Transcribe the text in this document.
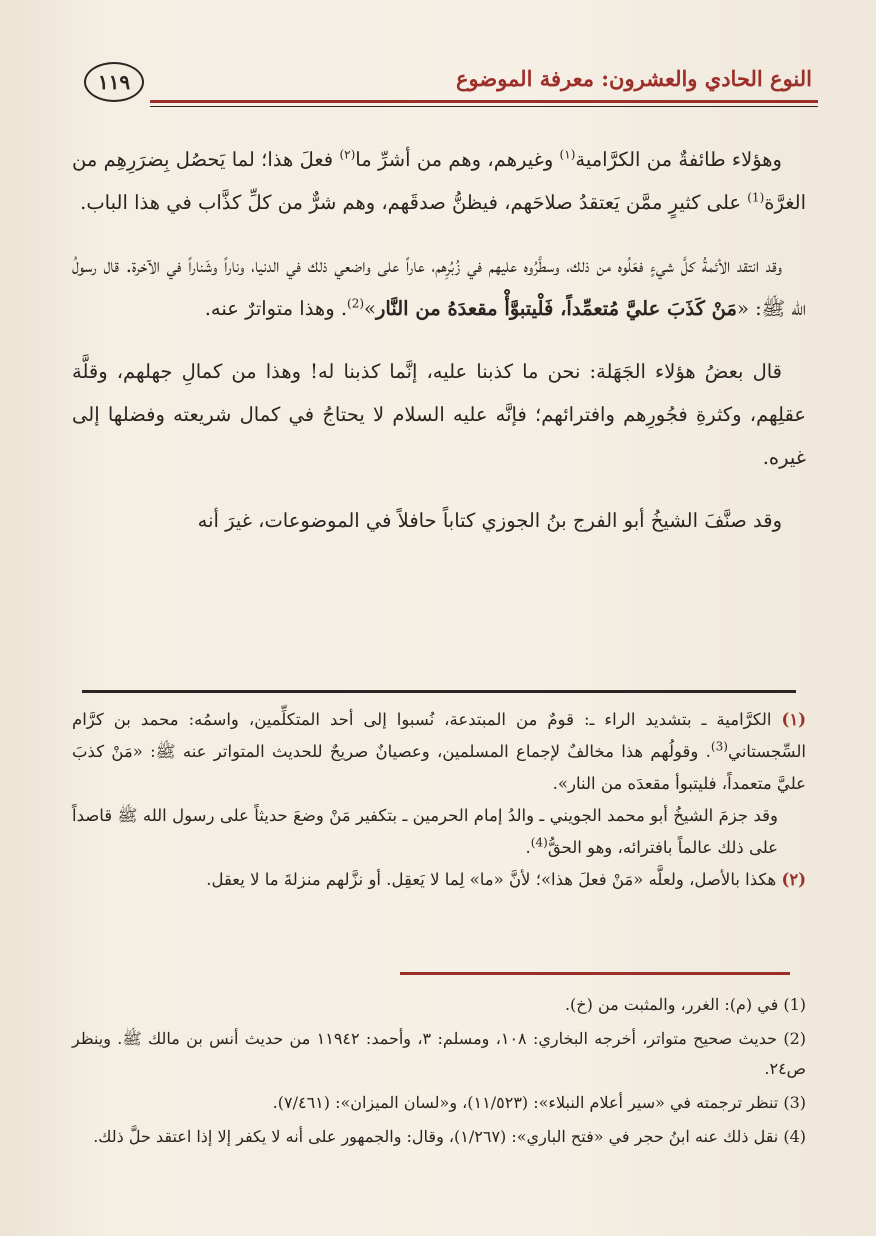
١١٩	النوع الحادي والعشرون: معرفة الموضوع

وهؤلاء طائفةٌ من الكرَّامية$^{(١)}$ وغيرهم، وهم من أشرِّ ما$^{(٢)}$ فعلَ هذا؛ لما يَحصُل بِضرَرِهِم من الغرَّة$^{(1)}$ على كثيرٍ ممَّن يَعتقدُ صلاحَهم، فيظنُّ صدقَهم، وهم شرٌّ من كلِّ كذَّاب في هذا الباب.

وقد انتقد الأئمةُ كلَّ شيءٍ فعَلُوه من ذلك، وسطَّرُوه عليهم في زُبُرِهم، عاراً على واضعي ذلك في الدنيا، وناراً وشَناراً في الآخرة. قال رسولُ الله ﷺ: «مَنْ كَذَبَ عليَّ مُتعمِّداً، فَلْيتبوَّأْ مقعدَهُ من النَّار»$^{(2)}$. وهذا متواترٌ عنه.

قال بعضُ هؤلاء الجَهَلة: نحن ما كذبنا عليه، إنَّما كذبنا له! وهذا من كمالِ جهلهم، وقلَّة عقلِهم، وكثرةِ فجُورِهم وافترائهم؛ فإنَّه عليه السلام لا يحتاجُ في كمال شريعته وفضلها إلى غيره.

وقد صنَّفَ الشيخُ أبو الفرج بنُ الجوزي كتاباً حافلاً في الموضوعات، غيرَ أنه

(١) الكرَّامية ـ بتشديد الراء ـ: قومٌ من المبتدعة، نُسبوا إلى أحد المتكلِّمين، واسمُه: محمد بن كرَّام السِّجستاني$^{(3)}$. وقولُهم هذا مخالفٌ لإجماع المسلمين، وعصيانٌ صريحٌ للحديث المتواتر عنه ﷺ: «مَنْ كذبَ عليَّ متعمداً، فليتبوأ مقعدَه من النار».

وقد جزمَ الشيخُ أبو محمد الجويني ـ والدُ إمام الحرمين ـ بتكفير مَنْ وضعَ حديثاً على رسول الله ﷺ قاصداً على ذلك عالماً بافترائه، وهو الحقُّ$^{(4)}$.

(٢) هكذا بالأصل، ولعلَّه «مَنْ فعلَ هذا»؛ لأنَّ «ما» لِما لا يَعقِل. أو نزَّلهم منزلةَ ما لا يعقل.

(1) في (م): الغرر، والمثبت من (خ).

(2) حديث صحيح متواتر، أخرجه البخاري: ١٠٨، ومسلم: ٣، وأحمد: ١١٩٤٢ من حديث أنس بن مالك ﷺ. وينظر ص٢٤.

(3) تنظر ترجمته في «سير أعلام النبلاء»: (١١/٥٢٣)، و«لسان الميزان»: (٧/٤٦١).

(4) نقل ذلك عنه ابنُ حجر في «فتح الباري»: (١/٢٦٧)، وقال: والجمهور على أنه لا يكفر إلا إذا اعتقد حلَّ ذلك.
